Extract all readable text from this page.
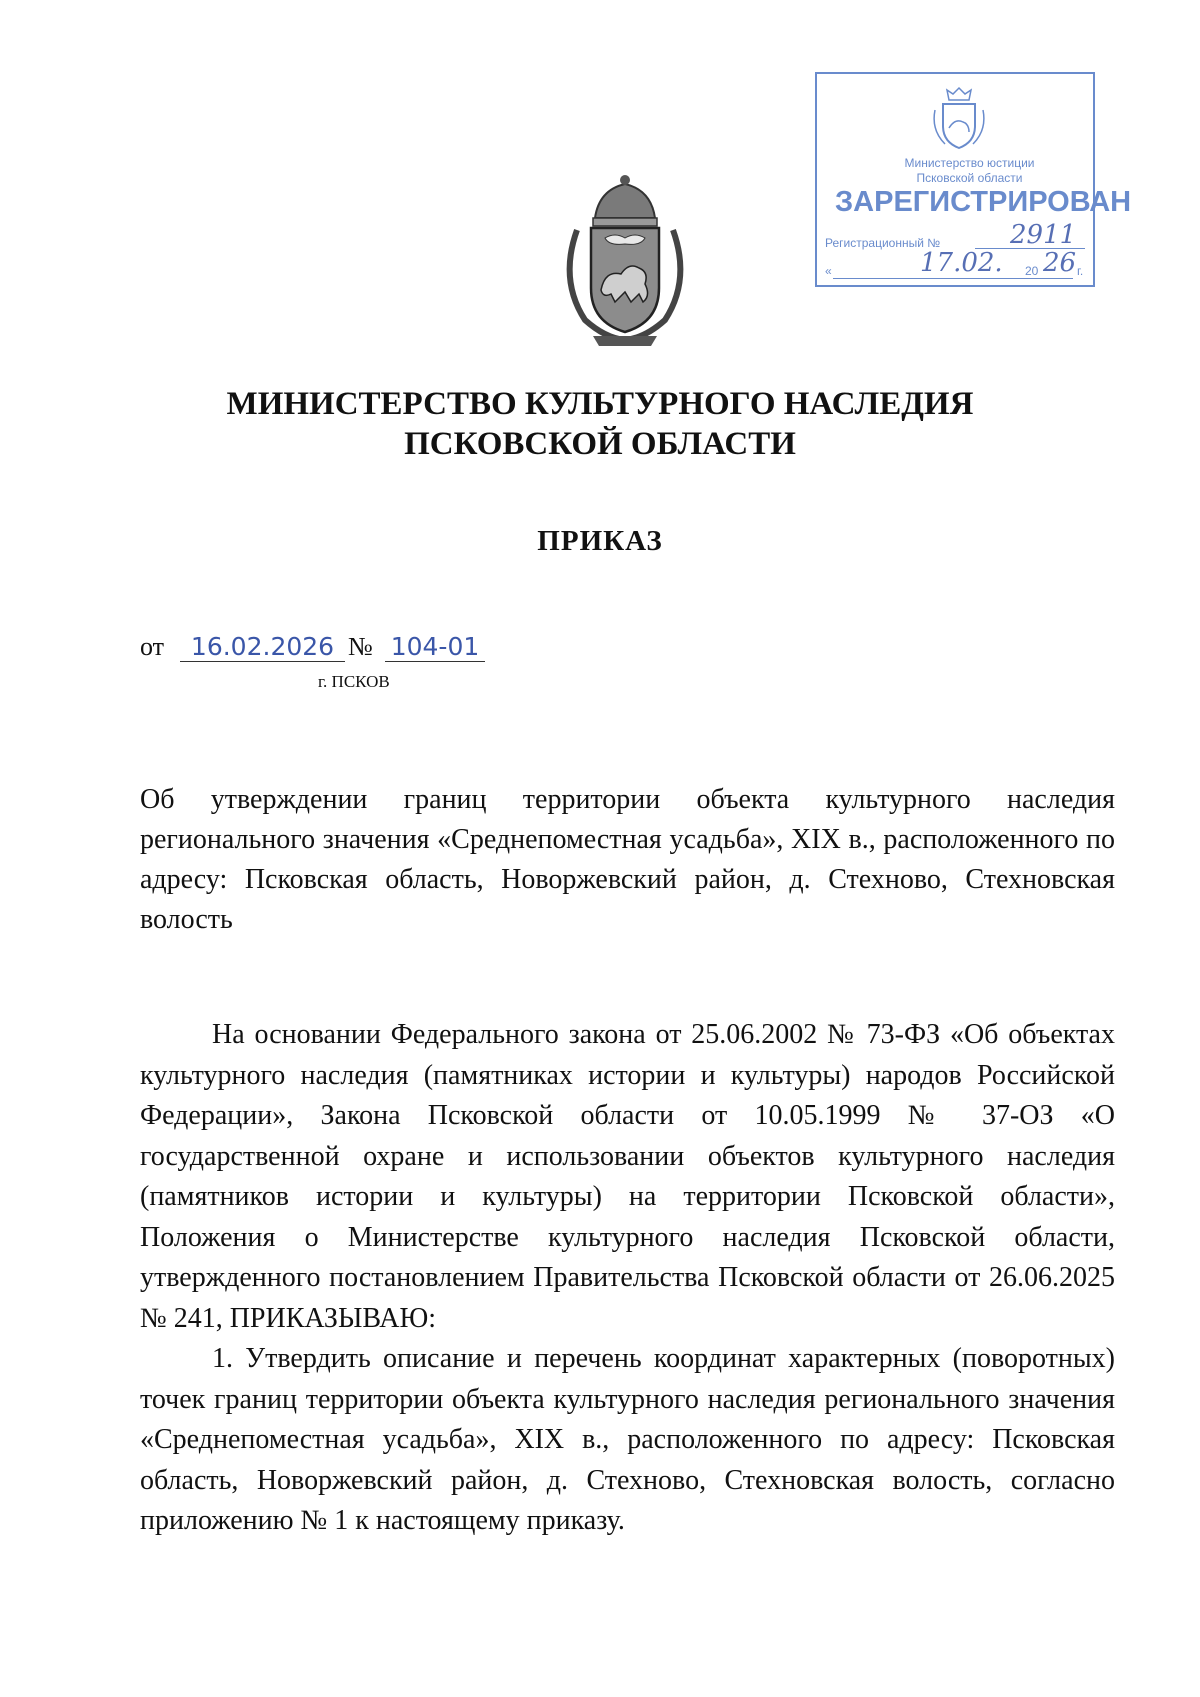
Министерство юстиции
Псковской области
ЗАРЕГИСТРИРОВАН
Регистрационный №	2911
«	17.02. 20 26 г.
МИНИСТЕРСТВО КУЛЬТУРНОГО НАСЛЕДИЯ
ПСКОВСКОЙ ОБЛАСТИ
ПРИКАЗ
от	16.02.2026 № 104-01
г. ПСКОВ

Об утверждении границ территории объекта культурного наследия регионального значения «Среднепоместная усадьба», XIX в., расположенного по адресу: Псковская область, Новоржевский район, д. Стехново, Стехновская волость

На основании Федерального закона от 25.06.2002 № 73-ФЗ «Об объектах культурного наследия (памятниках истории и культуры) народов Российской Федерации», Закона Псковской области от 10.05.1999 № 37-ОЗ «О государственной охране и использовании объектов культурного наследия (памятников истории и культуры) на территории Псковской области», Положения о Министерстве культурного наследия Псковской области, утвержденного постановлением Правительства Псковской области от 26.06.2025 № 241, ПРИКАЗЫВАЮ:

1. Утвердить описание и перечень координат характерных (поворотных) точек границ территории объекта культурного наследия регионального значения «Среднепоместная усадьба», XIX в., расположенного по адресу: Псковская область, Новоржевский район, д. Стехново, Стехновская волость, согласно приложению № 1 к настоящему приказу.
